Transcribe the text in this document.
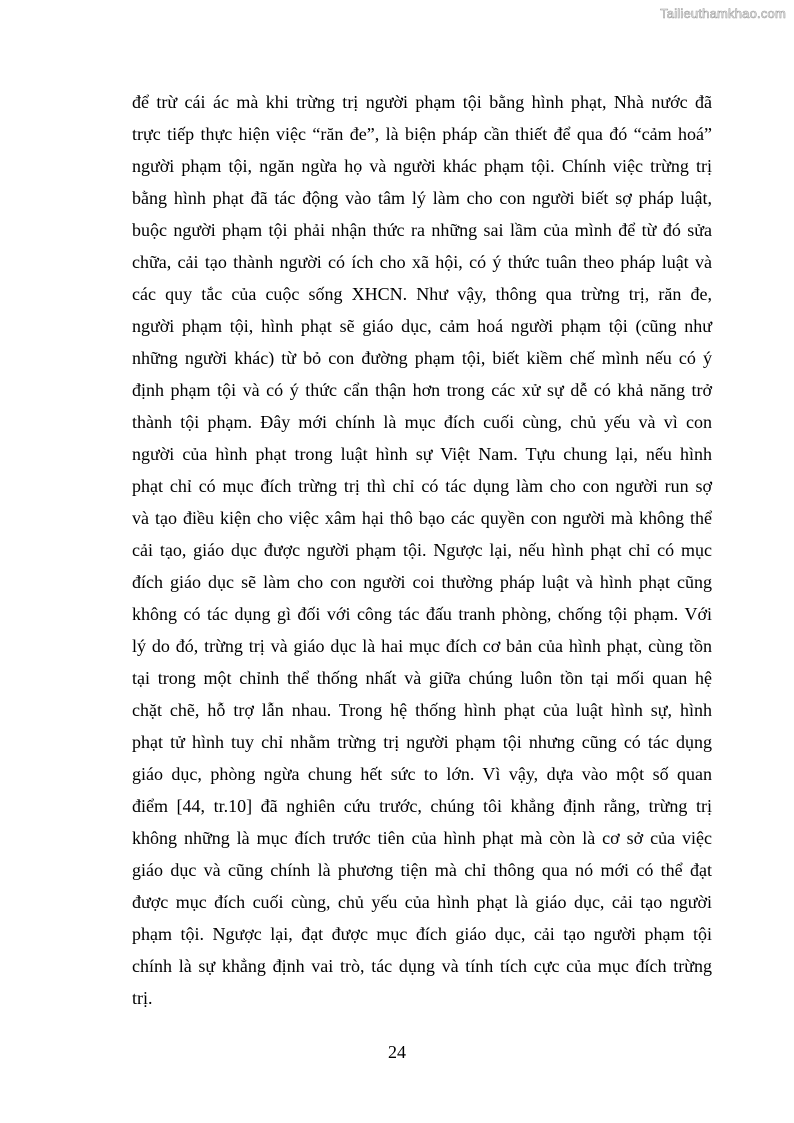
Tailieuthamkhao.com
để trừ cái ác mà khi trừng trị người phạm tội bằng hình phạt, Nhà nước đã
trực tiếp thực hiện việc “răn đe”, là biện pháp cần thiết để qua đó “cảm hoá”
người phạm tội, ngăn ngừa họ và người khác phạm tội. Chính việc trừng trị
bằng hình phạt đã tác động vào tâm lý làm cho con người biết sợ pháp luật,
buộc người phạm tội phải nhận thức ra những sai lầm của mình để từ đó sửa
chữa, cải tạo thành người có ích cho xã hội, có ý thức tuân theo pháp luật và
các quy tắc của cuộc sống XHCN. Như vậy, thông qua trừng trị, răn đe,
người phạm tội, hình phạt sẽ giáo dục, cảm hoá người phạm tội (cũng như
những người khác) từ bỏ con đường phạm tội, biết kiềm chế mình nếu có ý
định phạm tội và có ý thức cẩn thận hơn trong các xử sự dễ có khả năng trở
thành tội phạm. Đây mới chính là mục đích cuối cùng, chủ yếu và vì con
người của hình phạt trong luật hình sự Việt Nam. Tựu chung lại, nếu hình
phạt chỉ có mục đích trừng trị thì chỉ có tác dụng làm cho con người run sợ
và tạo điều kiện cho việc xâm hại thô bạo các quyền con người mà không thể
cải tạo, giáo dục được người phạm tội. Ngược lại, nếu hình phạt chỉ có mục
đích giáo dục sẽ làm cho con người coi thường pháp luật và hình phạt cũng
không có tác dụng gì đối với công tác đấu tranh phòng, chống tội phạm. Với
lý do đó, trừng trị và giáo dục là hai mục đích cơ bản của hình phạt, cùng tồn
tại trong một chỉnh thể thống nhất và giữa chúng luôn tồn tại mối quan hệ
chặt chẽ, hỗ trợ lẫn nhau. Trong hệ thống hình phạt của luật hình sự, hình
phạt tử hình tuy chỉ nhằm trừng trị người phạm tội nhưng cũng có tác dụng
giáo dục, phòng ngừa chung hết sức to lớn. Vì vậy, dựa vào một số quan
điểm [44, tr.10] đã nghiên cứu trước, chúng tôi khẳng định rằng, trừng trị
không những là mục đích trước tiên của hình phạt mà còn là cơ sở của việc
giáo dục và cũng chính là phương tiện mà chỉ thông qua nó mới có thể đạt
được mục đích cuối cùng, chủ yếu của hình phạt là giáo dục, cải tạo người
phạm tội. Ngược lại, đạt được mục đích giáo dục, cải tạo người phạm tội
chính là sự khẳng định vai trò, tác dụng và tính tích cực của mục đích trừng
trị.
24
